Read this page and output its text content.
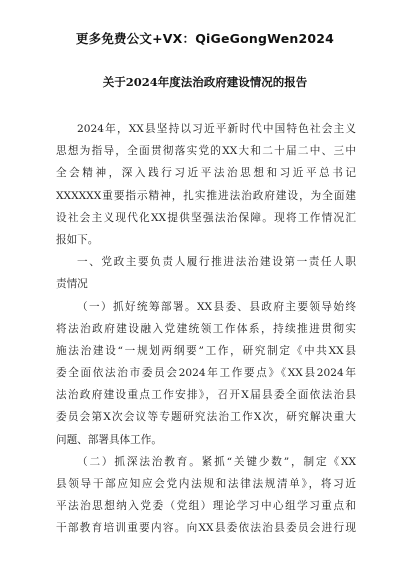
更多免费公文+VX：QiGeGongWen2024
关于2024年度法治政府建设情况的报告
2024年，XX县坚持以习近平新时代中国特色社会主义
思想为指导，全面贯彻落实党的XX大和二十届二中、三中
全会精神，深入践行习近平法治思想和习近平总书记
XXXXXX重要指示精神，扎实推进法治政府建设，为全面建
设社会主义现代化XX提供坚强法治保障。现将工作情况汇
报如下。
一、党政主要负责人履行推进法治建设第一责任人职
责情况
（一）抓好统筹部署。XX县委、县政府主要领导始终
将法治政府建设融入党建统领工作体系，持续推进贯彻实
施法治建设“一规划两纲要”工作，研究制定《中共XX县
委全面依法治市委员会2024年工作要点》《XX县2024年
法治政府建设重点工作安排》，召开X届县委全面依法治县
委员会第X次会议等专题研究法治工作X次，研究解决重大
问题、部署具体工作。
（二）抓深法治教育。紧抓“关键少数”，制定《XX
县领导干部应知应会党内法规和法律法规清单》，将习近
平法治思想纳入党委（党组）理论学习中心组学习重点和
干部教育培训重要内容。向XX县委依法治县委员会进行现
